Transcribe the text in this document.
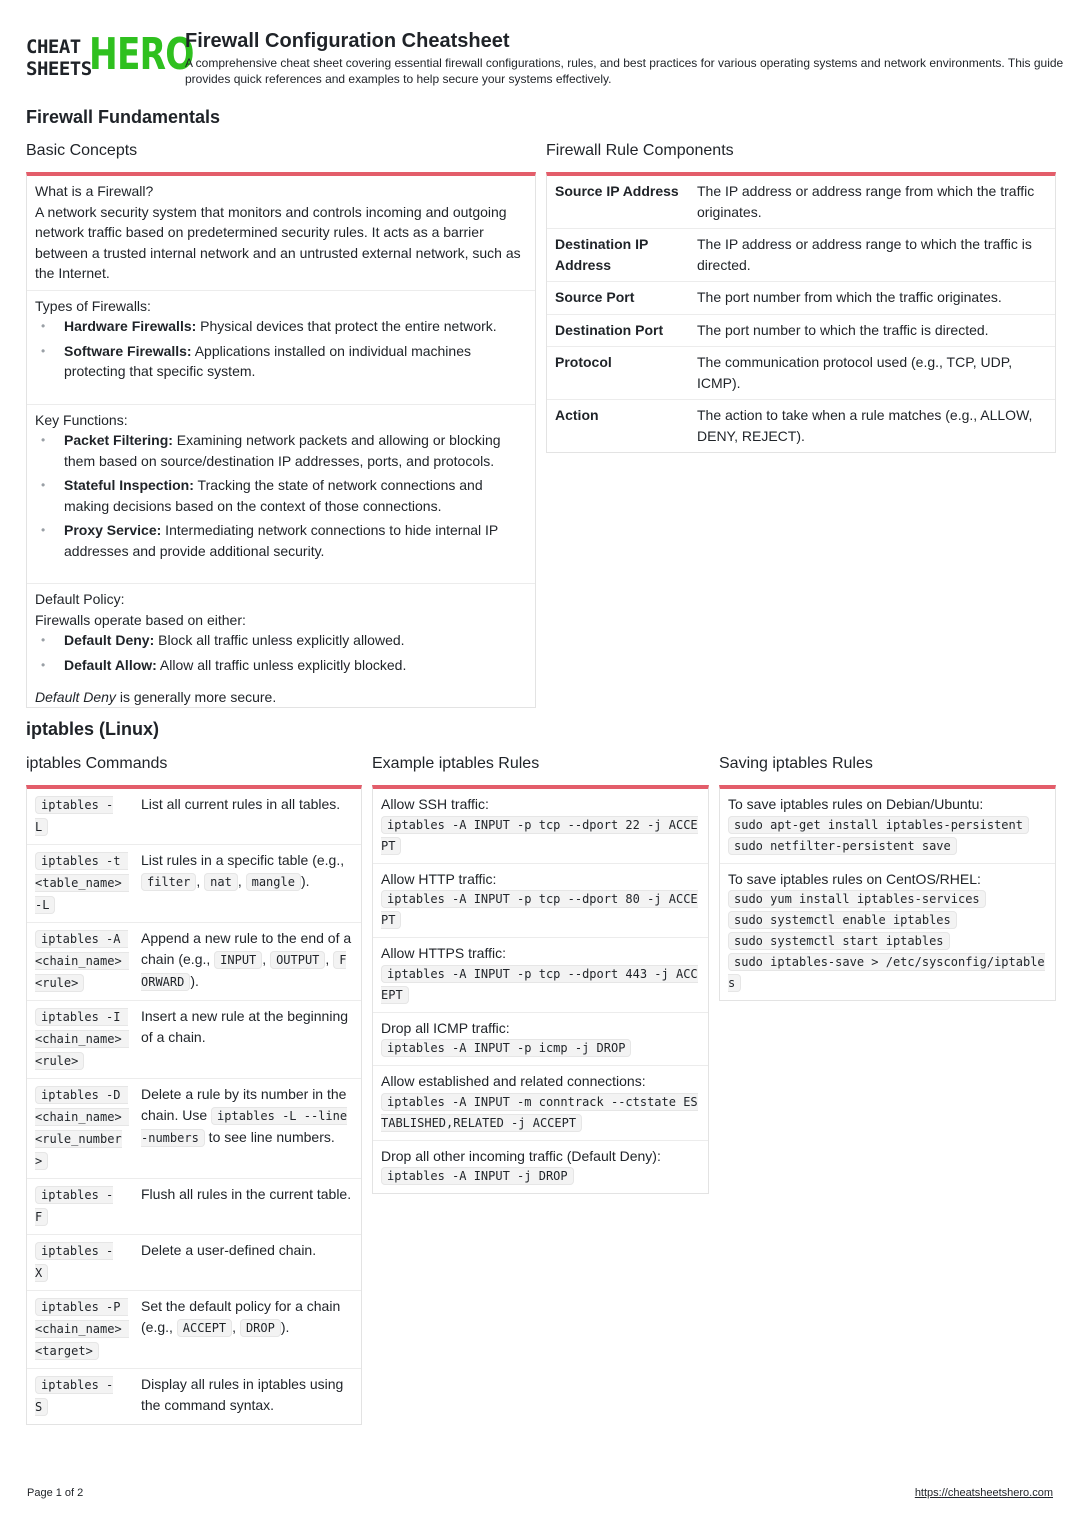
CHEAT
SHEETS
HERO
Firewall Configuration Cheatsheet
A comprehensive cheat sheet covering essential firewall configurations, rules, and best practices for various operating systems and network environments. This guide provides quick references and examples to help secure your systems effectively.
Firewall Fundamentals
Basic Concepts
What is a Firewall?
A network security system that monitors and controls incoming and outgoing network traffic based on predetermined security rules. It acts as a barrier between a trusted internal network and an untrusted external network, such as the Internet.
Types of Firewalls:
• Hardware Firewalls: Physical devices that protect the entire network.
• Software Firewalls: Applications installed on individual machines protecting that specific system.
Key Functions:
• Packet Filtering: Examining network packets and allowing or blocking them based on source/destination IP addresses, ports, and protocols.
• Stateful Inspection: Tracking the state of network connections and making decisions based on the context of those connections.
• Proxy Service: Intermediating network connections to hide internal IP addresses and provide additional security.
Default Policy:
Firewalls operate based on either:
• Default Deny: Block all traffic unless explicitly allowed.
• Default Allow: Allow all traffic unless explicitly blocked.
Default Deny is generally more secure.
Firewall Rule Components
Source IP Address	The IP address or address range from which the traffic originates.
Destination IP Address	The IP address or address range to which the traffic is directed.
Source Port	The port number from which the traffic originates.
Destination Port	The port number to which the traffic is directed.
Protocol	The communication protocol used (e.g., TCP, UDP, ICMP).
Action	The action to take when a rule matches (e.g., ALLOW, DENY, REJECT).
iptables (Linux)
iptables Commands
iptables -L	List all current rules in all tables.
iptables -t <table_name> -L	List rules in a specific table (e.g., filter , nat , mangle ).
iptables -A <chain_name> <rule>	Append a new rule to the end of a chain (e.g., INPUT , OUTPUT , FORWARD ).
iptables -I <chain_name> <rule>	Insert a new rule at the beginning of a chain.
iptables -D <chain_name> <rule_number>	Delete a rule by its number in the chain. Use iptables -L --line-numbers to see line numbers.
iptables -F	Flush all rules in the current table.
iptables -X	Delete a user-defined chain.
iptables -P <chain_name> <target>	Set the default policy for a chain (e.g., ACCEPT , DROP ).
iptables -S	Display all rules in iptables using the command syntax.
Example iptables Rules
Allow SSH traffic:
iptables -A INPUT -p tcp --dport 22 -j ACCEPT
Allow HTTP traffic:
iptables -A INPUT -p tcp --dport 80 -j ACCEPT
Allow HTTPS traffic:
iptables -A INPUT -p tcp --dport 443 -j ACCEPT
Drop all ICMP traffic:
iptables -A INPUT -p icmp -j DROP
Allow established and related connections:
iptables -A INPUT -m conntrack --ctstate ESTABLISHED,RELATED -j ACCEPT
Drop all other incoming traffic (Default Deny):
iptables -A INPUT -j DROP
Saving iptables Rules
To save iptables rules on Debian/Ubuntu:
sudo apt-get install iptables-persistent
sudo netfilter-persistent save
To save iptables rules on CentOS/RHEL:
sudo yum install iptables-services
sudo systemctl enable iptables
sudo systemctl start iptables
sudo iptables-save > /etc/sysconfig/iptables
Page 1 of 2	https://cheatsheetshero.com
